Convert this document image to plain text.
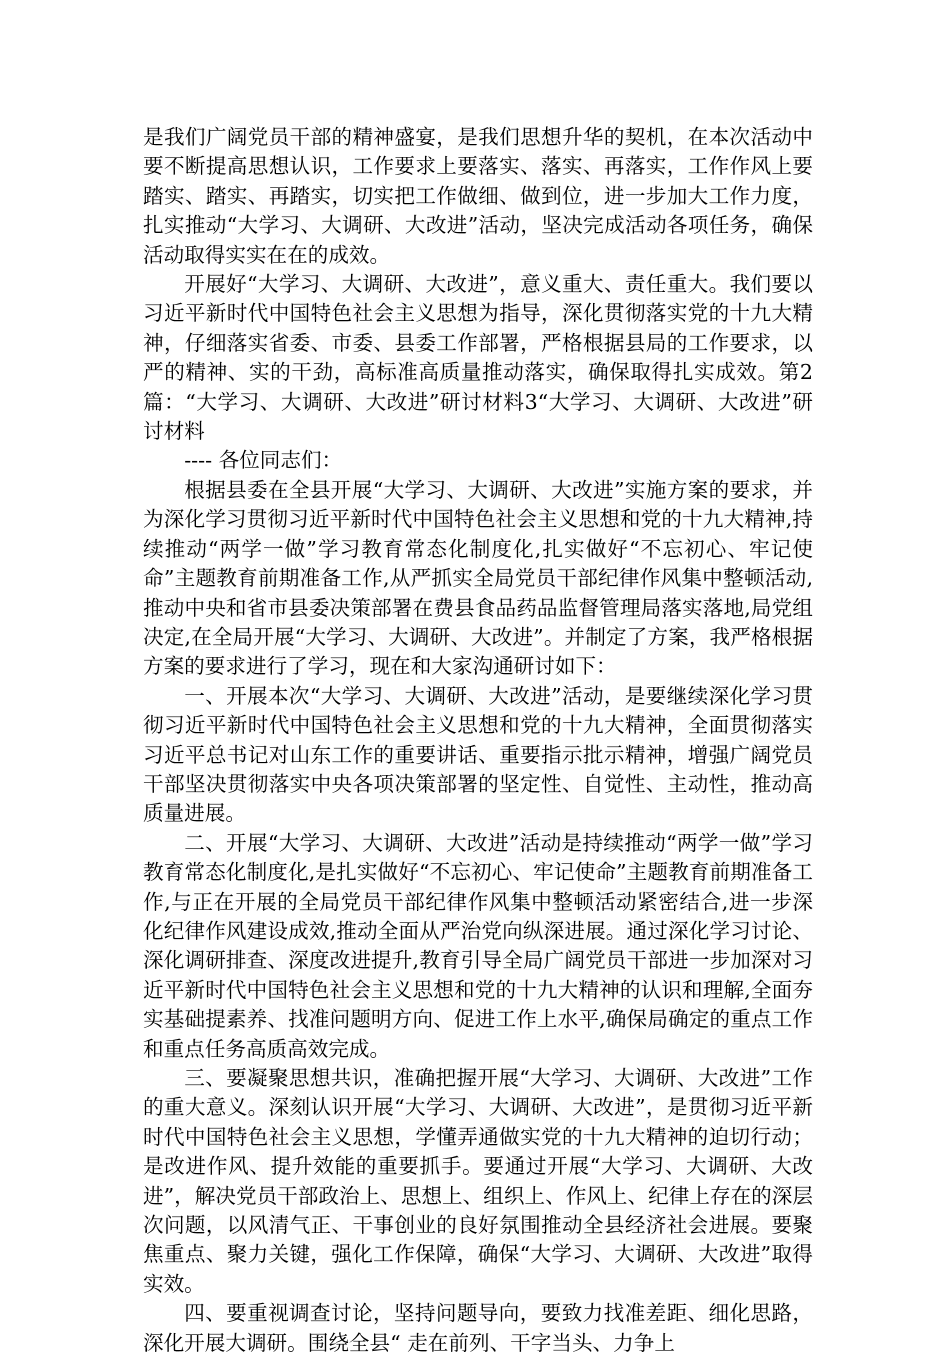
是我们广阔党员干部的精神盛宴，是我们思想升华的契机，在本次活动中要不断提高思想认识，工作要求上要落实、落实、再落实，工作作风上要踏实、踏实、再踏实，切实把工作做细、做到位，进一步加大工作力度，扎实推动“大学习、大调研、大改进”活动，坚决完成活动各项任务，确保活动取得实实在在的成效。

开展好“大学习、大调研、大改进”，意义重大、责任重大。我们要以习近平新时代中国特色社会主义思想为指导，深化贯彻落实党的十九大精神，仔细落实省委、市委、县委工作部署，严格根据县局的工作要求，以严的精神、实的干劲，高标准高质量推动落实，确保取得扎实成效。第2篇：“大学习、大调研、大改进”研讨材料3“大学习、大调研、大改进”研讨材料

---- 各位同志们：

根据县委在全县开展“大学习、大调研、大改进”实施方案的要求，并为深化学习贯彻习近平新时代中国特色社会主义思想和党的十九大精神,持续推动“两学一做”学习教育常态化制度化,扎实做好“不忘初心、牢记使命”主题教育前期准备工作,从严抓实全局党员干部纪律作风集中整顿活动,推动中央和省市县委决策部署在费县食品药品监督管理局落实落地,局党组决定,在全局开展“大学习、大调研、大改进”。并制定了方案，我严格根据方案的要求进行了学习，现在和大家沟通研讨如下：

一、开展本次“大学习、大调研、大改进”活动，是要继续深化学习贯彻习近平新时代中国特色社会主义思想和党的十九大精神，全面贯彻落实习近平总书记对山东工作的重要讲话、重要指示批示精神，增强广阔党员干部坚决贯彻落实中央各项决策部署的坚定性、自觉性、主动性，推动高质量进展。

二、开展“大学习、大调研、大改进”活动是持续推动“两学一做”学习教育常态化制度化,是扎实做好“不忘初心、牢记使命”主题教育前期准备工作,与正在开展的全局党员干部纪律作风集中整顿活动紧密结合,进一步深化纪律作风建设成效,推动全面从严治党向纵深进展。通过深化学习讨论、深化调研排查、深度改进提升,教育引导全局广阔党员干部进一步加深对习近平新时代中国特色社会主义思想和党的十九大精神的认识和理解,全面夯实基础提素养、找准问题明方向、促进工作上水平,确保局确定的重点工作和重点任务高质高效完成。

三、要凝聚思想共识，准确把握开展“大学习、大调研、大改进”工作的重大意义。深刻认识开展“大学习、大调研、大改进”，是贯彻习近平新时代中国特色社会主义思想，学懂弄通做实党的十九大精神的迫切行动；是改进作风、提升效能的重要抓手。要通过开展“大学习、大调研、大改进”，解决党员干部政治上、思想上、组织上、作风上、纪律上存在的深层次问题，以风清气正、干事创业的良好氛围推动全县经济社会进展。要聚焦重点、聚力关键，强化工作保障，确保“大学习、大调研、大改进”取得实效。

四、要重视调查讨论，坚持问题导向，要致力找准差距、细化思路，深化开展大调研。围绕全县“ 走在前列、干字当头、力争上
